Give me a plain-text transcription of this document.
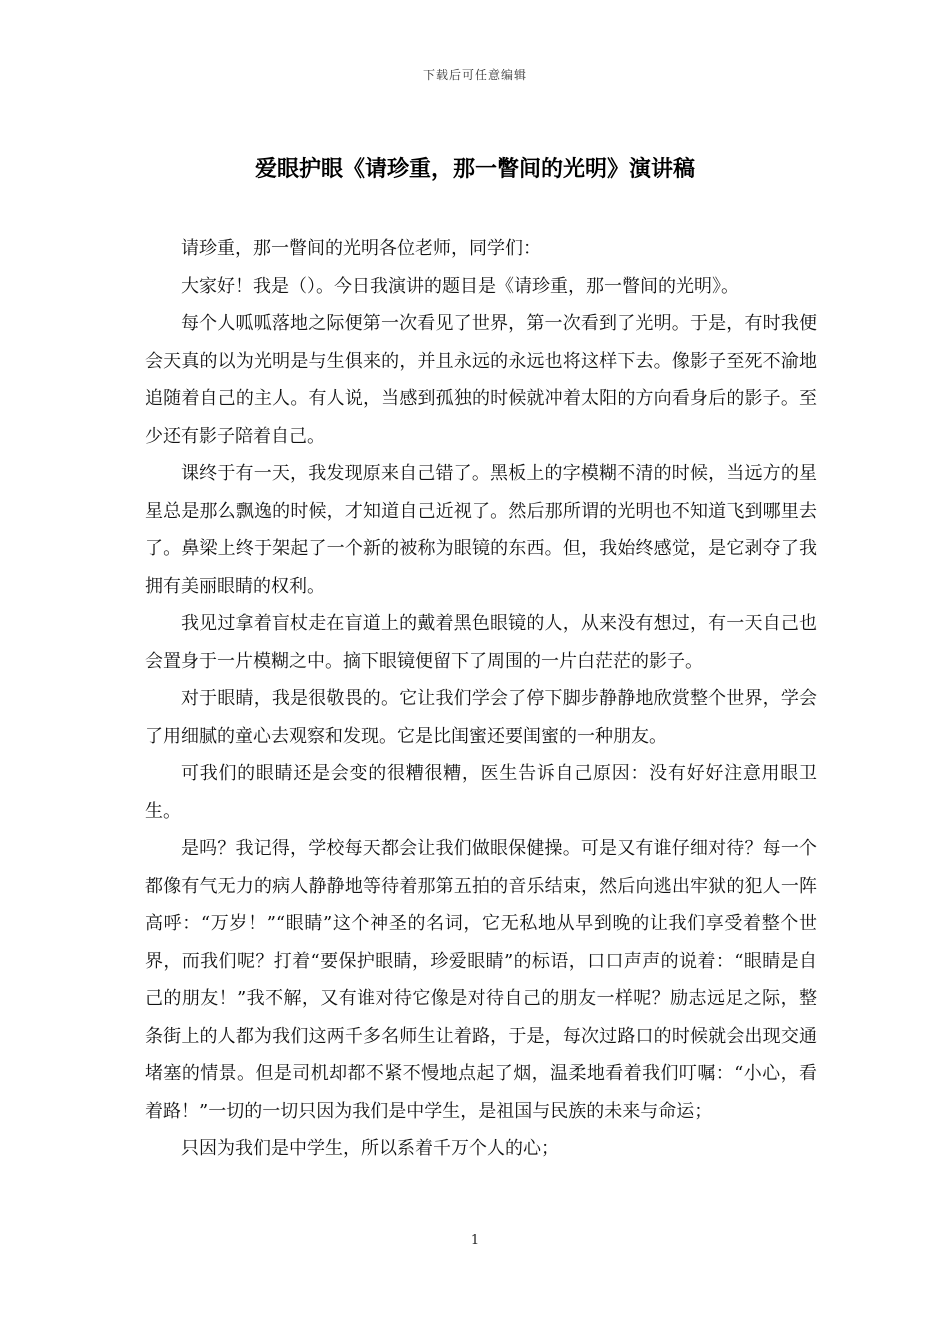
下载后可任意编辑
爱眼护眼《请珍重，那一瞥间的光明》演讲稿

请珍重，那一瞥间的光明各位老师，同学们：

大家好！我是（）。今日我演讲的题目是《请珍重，那一瞥间的光明》。

每个人呱呱落地之际便第一次看见了世界，第一次看到了光明。于是，有时我便会天真的以为光明是与生俱来的，并且永远的永远也将这样下去。像影子至死不渝地追随着自己的主人。有人说，当感到孤独的时候就冲着太阳的方向看身后的影子。至少还有影子陪着自己。

课终于有一天，我发现原来自己错了。黑板上的字模糊不清的时候，当远方的星星总是那么飘逸的时候，才知道自己近视了。然后那所谓的光明也不知道飞到哪里去了。鼻梁上终于架起了一个新的被称为眼镜的东西。但，我始终感觉，是它剥夺了我拥有美丽眼睛的权利。

我见过拿着盲杖走在盲道上的戴着黑色眼镜的人，从来没有想过，有一天自己也会置身于一片模糊之中。摘下眼镜便留下了周围的一片白茫茫的影子。

对于眼睛，我是很敬畏的。它让我们学会了停下脚步静静地欣赏整个世界，学会了用细腻的童心去观察和发现。它是比闺蜜还要闺蜜的一种朋友。

可我们的眼睛还是会变的很糟很糟，医生告诉自己原因：没有好好注意用眼卫生。

是吗？我记得，学校每天都会让我们做眼保健操。可是又有谁仔细对待？每一个都像有气无力的病人静静地等待着那第五拍的音乐结束，然后向逃出牢狱的犯人一阵高呼：“万岁！”“眼睛”这个神圣的名词，它无私地从早到晚的让我们享受着整个世界，而我们呢？打着“要保护眼睛，珍爱眼睛”的标语，口口声声的说着：“眼睛是自己的朋友！”我不解，又有谁对待它像是对待自己的朋友一样呢？励志远足之际，整条街上的人都为我们这两千多名师生让着路，于是，每次过路口的时候就会出现交通堵塞的情景。但是司机却都不紧不慢地点起了烟，温柔地看着我们叮嘱：“小心，看着路！”一切的一切只因为我们是中学生，是祖国与民族的未来与命运；

只因为我们是中学生，所以系着千万个人的心；

1
